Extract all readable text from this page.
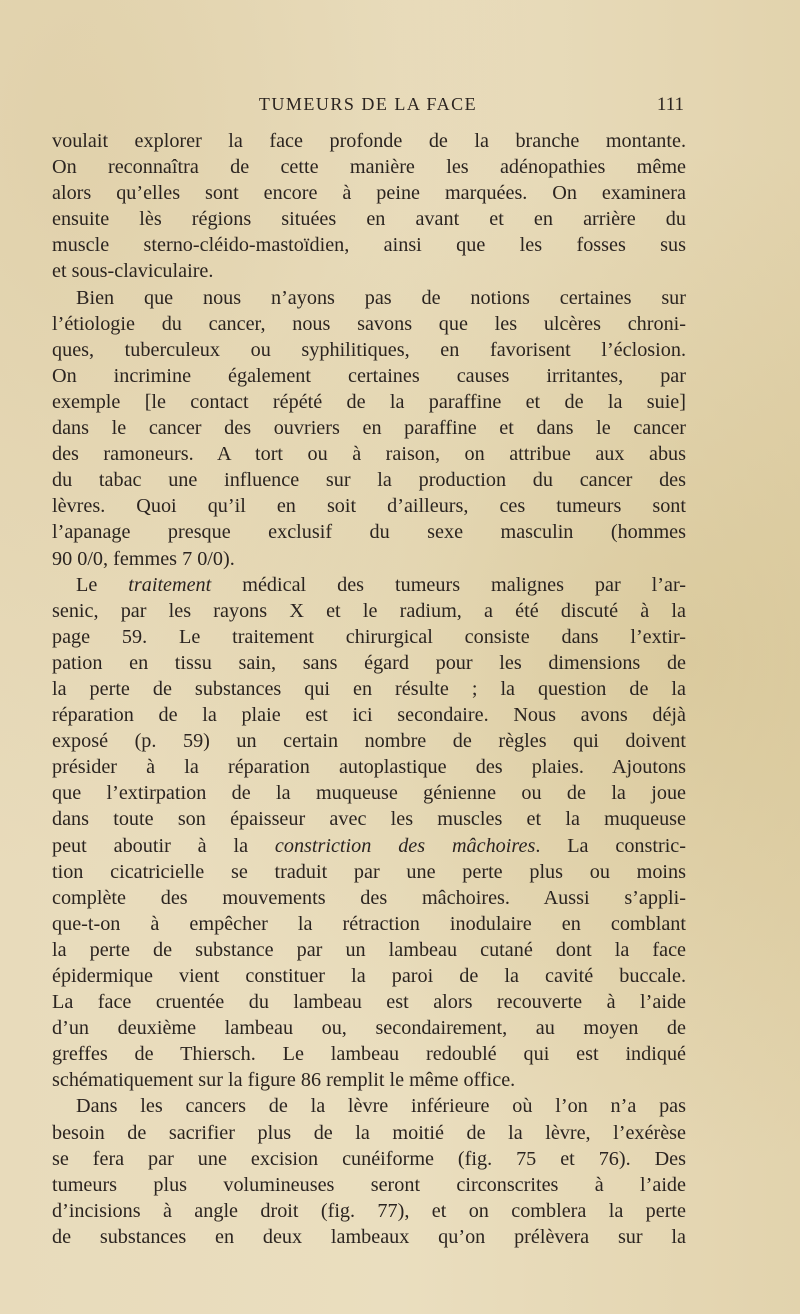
TUMEURS DE LA FACE	111
voulait explorer la face profonde de la branche montante.
On reconnaîtra de cette manière les adénopathies même
alors qu’elles sont encore à peine marquées. On examinera
ensuite lès régions situées en avant et en arrière du
muscle sterno-cléido-mastoïdien, ainsi que les fosses sus
et sous-claviculaire.
Bien que nous n’ayons pas de notions certaines sur
l’étiologie du cancer, nous savons que les ulcères chroni-
ques, tuberculeux ou syphilitiques, en favorisent l’éclosion.
On incrimine également certaines causes irritantes, par
exemple [le contact répété de la paraffine et de la suie]
dans le cancer des ouvriers en paraffine et dans le cancer
des ramoneurs. A tort ou à raison, on attribue aux abus
du tabac une influence sur la production du cancer des
lèvres. Quoi qu’il en soit d’ailleurs, ces tumeurs sont
l’apanage presque exclusif du sexe masculin (hommes
90 0/0, femmes 7 0/0).
Le traitement médical des tumeurs malignes par l’ar-
senic, par les rayons X et le radium, a été discuté à la
page 59. Le traitement chirurgical consiste dans l’extir-
pation en tissu sain, sans égard pour les dimensions de
la perte de substances qui en résulte ; la question de la
réparation de la plaie est ici secondaire. Nous avons déjà
exposé (p. 59) un certain nombre de règles qui doivent
présider à la réparation autoplastique des plaies. Ajoutons
que l’extirpation de la muqueuse génienne ou de la joue
dans toute son épaisseur avec les muscles et la muqueuse
peut aboutir à la constriction des mâchoires. La constric-
tion cicatricielle se traduit par une perte plus ou moins
complète des mouvements des mâchoires. Aussi s’appli-
que-t-on à empêcher la rétraction inodulaire en comblant
la perte de substance par un lambeau cutané dont la face
épidermique vient constituer la paroi de la cavité buccale.
La face cruentée du lambeau est alors recouverte à l’aide
d’un deuxième lambeau ou, secondairement, au moyen de
greffes de Thiersch. Le lambeau redoublé qui est indiqué
schématiquement sur la figure 86 remplit le même office.
Dans les cancers de la lèvre inférieure où l’on n’a pas
besoin de sacrifier plus de la moitié de la lèvre, l’exérèse
se fera par une excision cunéiforme (fig. 75 et 76). Des
tumeurs plus volumineuses seront circonscrites à l’aide
d’incisions à angle droit (fig. 77), et on comblera la perte
de substances en deux lambeaux qu’on prélèvera sur la
